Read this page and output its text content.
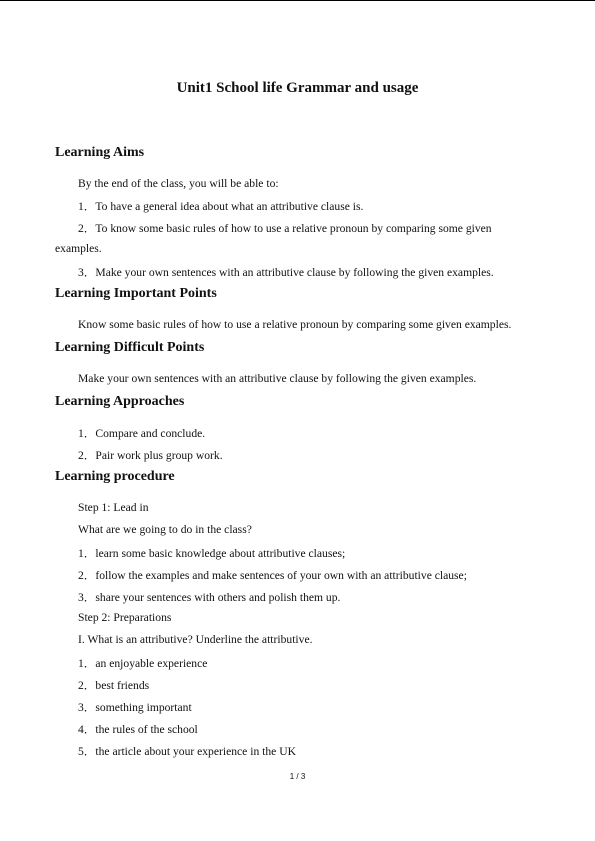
Unit1 School life Grammar and usage
Learning Aims
By the end of the class, you will be able to:
1．To have a general idea about what an attributive clause is.
2．To know some basic rules of how to use a relative pronoun by comparing some given
examples.
3．Make your own sentences with an attributive clause by following the given examples.
Learning Important Points
Know some basic rules of how to use a relative pronoun by comparing some given examples.
Learning Difficult Points
Make your own sentences with an attributive clause by following the given examples.
Learning Approaches
1．Compare and conclude.
2．Pair work plus group work.
Learning procedure
Step 1: Lead in
What are we going to do in the class?
1．learn some basic knowledge about attributive clauses;
2．follow the examples and make sentences of your own with an attributive clause;
3．share your sentences with others and polish them up.
Step 2: Preparations
I. What is an attributive? Underline the attributive.
1．an enjoyable experience
2．best friends
3．something important
4．the rules of the school
5．the article about your experience in the UK
1 / 3
